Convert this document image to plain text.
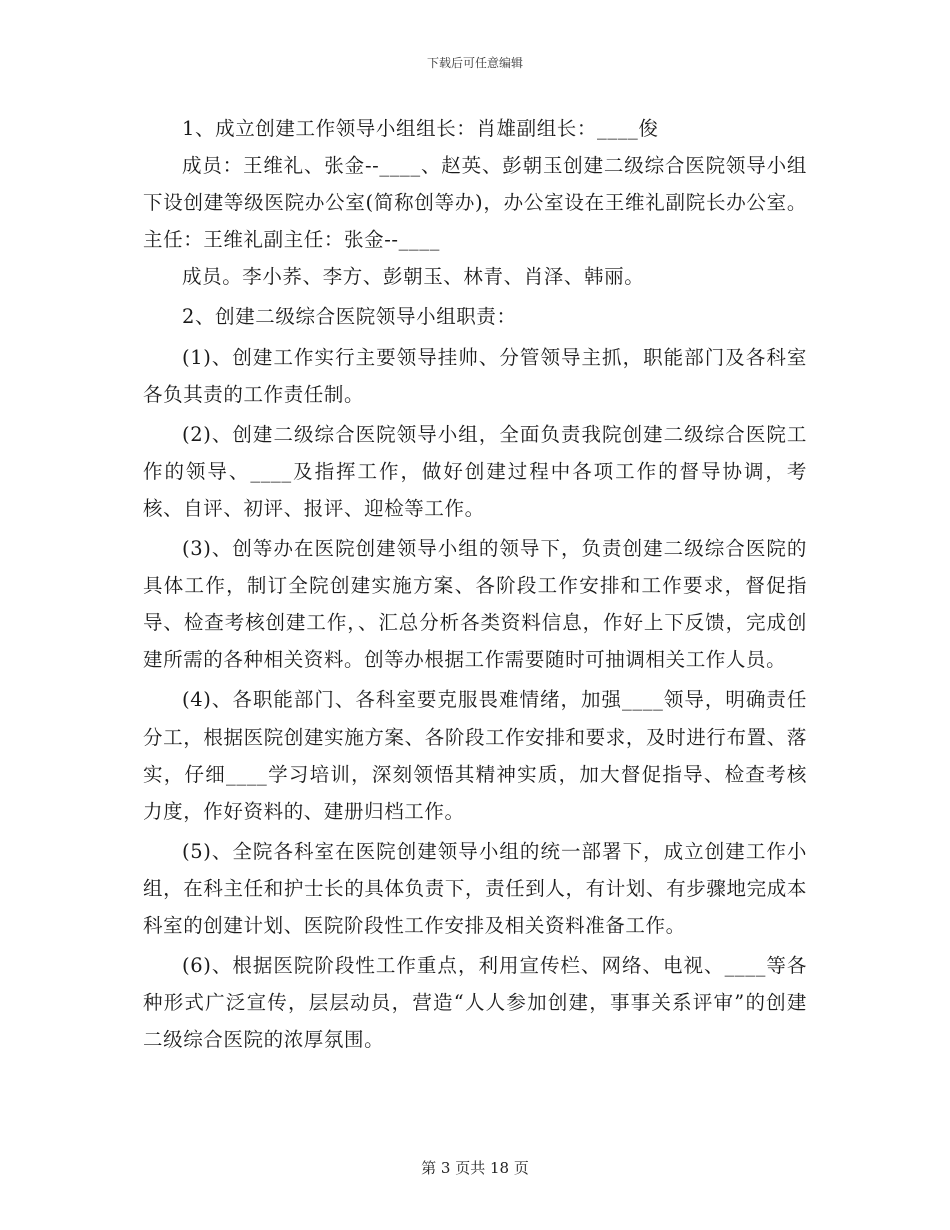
下载后可任意编辑

1、成立创建工作领导小组组长：肖雄副组长：____俊

成员：王维礼、张金--____、赵英、彭朝玉创建二级综合医院领导小组下设创建等级医院办公室(简称创等办)，办公室设在王维礼副院长办公室。主任：王维礼副主任：张金--____

成员。李小荞、李方、彭朝玉、林青、肖泽、韩丽。

2、创建二级综合医院领导小组职责：

(1)、创建工作实行主要领导挂帅、分管领导主抓，职能部门及各科室各负其责的工作责任制。

(2)、创建二级综合医院领导小组，全面负责我院创建二级综合医院工作的领导、____及指挥工作，做好创建过程中各项工作的督导协调，考核、自评、初评、报评、迎检等工作。

(3)、创等办在医院创建领导小组的领导下，负责创建二级综合医院的具体工作，制订全院创建实施方案、各阶段工作安排和工作要求，督促指导、检查考核创建工作，、汇总分析各类资料信息，作好上下反馈，完成创建所需的各种相关资料。创等办根据工作需要随时可抽调相关工作人员。

(4)、各职能部门、各科室要克服畏难情绪，加强____领导，明确责任分工，根据医院创建实施方案、各阶段工作安排和要求，及时进行布置、落实，仔细____学习培训，深刻领悟其精神实质，加大督促指导、检查考核力度，作好资料的、建册归档工作。

(5)、全院各科室在医院创建领导小组的统一部署下，成立创建工作小组，在科主任和护士长的具体负责下，责任到人，有计划、有步骤地完成本科室的创建计划、医院阶段性工作安排及相关资料准备工作。

(6)、根据医院阶段性工作重点，利用宣传栏、网络、电视、____等各种形式广泛宣传，层层动员，营造“人人参加创建，事事关系评审”的创建二级综合医院的浓厚氛围。

第 3 页共 18 页
